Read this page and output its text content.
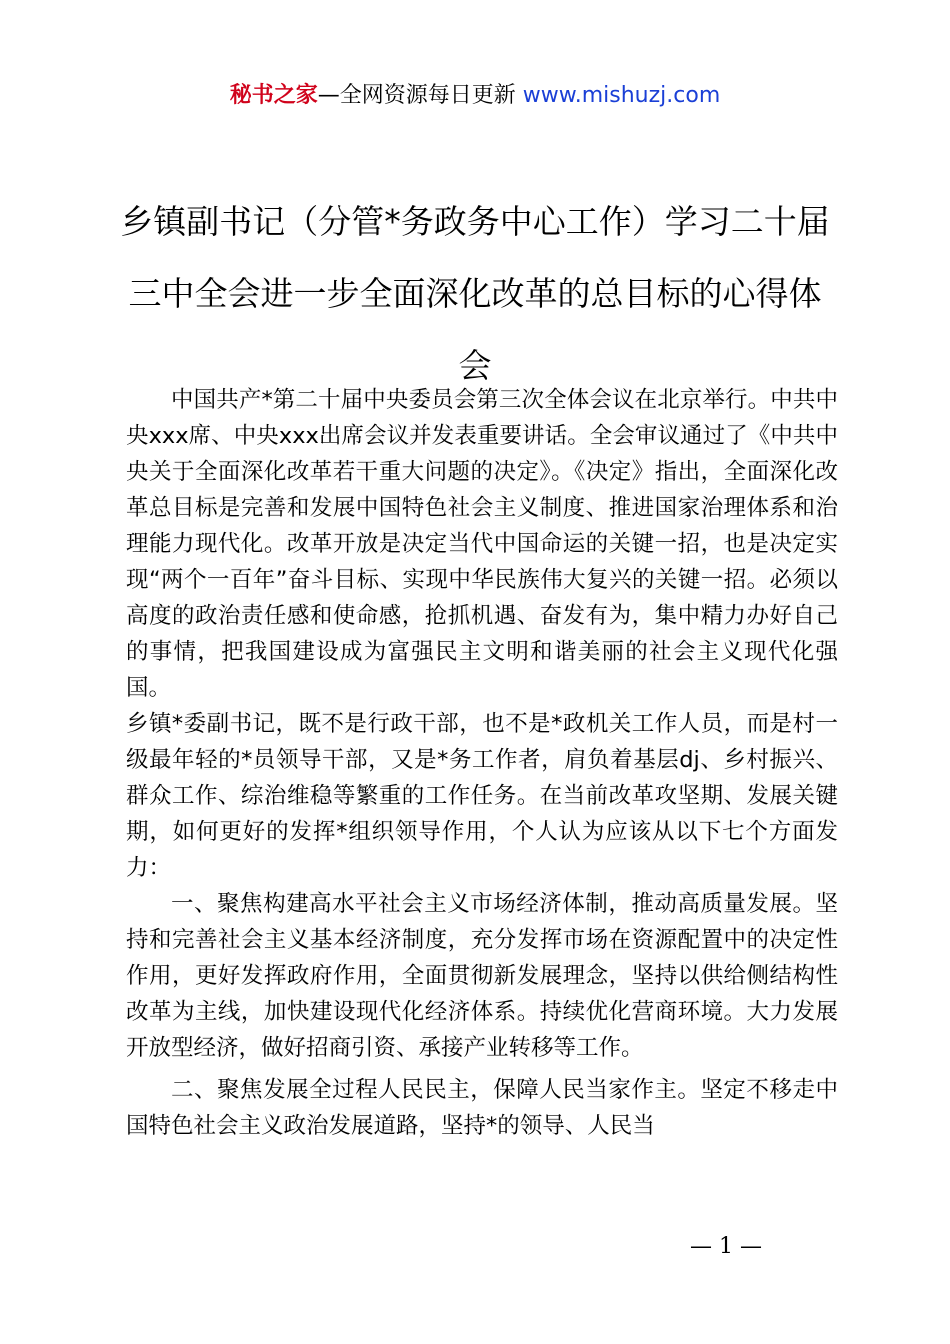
秘书之家—全网资源每日更新 www.mishuzj.com
乡镇副书记（分管*务政务中心工作）学习二十届三中全会进一步全面深化改革的总目标的心得体会

中国共产*第二十届中央委员会第三次全体会议在北京举行。中共中央xxx席、中央xxx出席会议并发表重要讲话。全会审议通过了《中共中央关于全面深化改革若干重大问题的决定》。《决定》指出，全面深化改革总目标是完善和发展中国特色社会主义制度、推进国家治理体系和治理能力现代化。改革开放是决定当代中国命运的关键一招，也是决定实现“两个一百年”奋斗目标、实现中华民族伟大复兴的关键一招。必须以高度的政治责任感和使命感，抢抓机遇、奋发有为，集中精力办好自己的事情，把我国建设成为富强民主文明和谐美丽的社会主义现代化强国。

乡镇*委副书记，既不是行政干部，也不是*政机关工作人员，而是村一级最年轻的*员领导干部，又是*务工作者，肩负着基层dj、乡村振兴、群众工作、综治维稳等繁重的工作任务。在当前改革攻坚期、发展关键期，如何更好的发挥*组织领导作用，个人认为应该从以下七个方面发力：

一、聚焦构建高水平社会主义市场经济体制，推动高质量发展。坚持和完善社会主义基本经济制度，充分发挥市场在资源配置中的决定性作用，更好发挥政府作用，全面贯彻新发展理念，坚持以供给侧结构性改革为主线，加快建设现代化经济体系。持续优化营商环境。大力发展开放型经济，做好招商引资、承接产业转移等工作。

二、聚焦发展全过程人民民主，保障人民当家作主。坚定不移走中国特色社会主义政治发展道路，坚持*的领导、人民当

— 1 —
